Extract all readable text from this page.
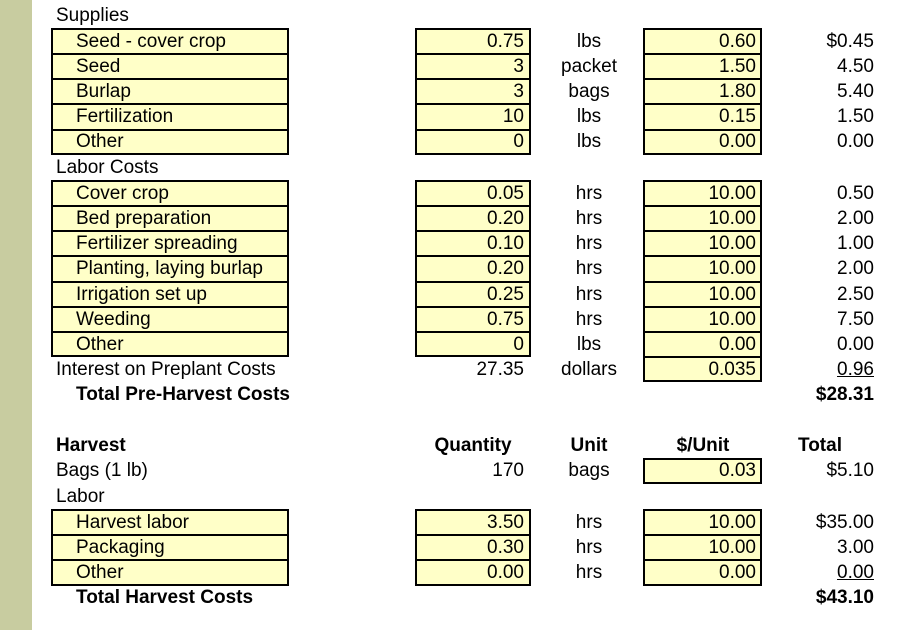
Supplies
Seed - cover crop	0.75	lbs	0.60	$0.45
Seed	3	packet	1.50	4.50
Burlap	3	bags	1.80	5.40
Fertilization	10	lbs	0.15	1.50
Other	0	lbs	0.00	0.00
Labor Costs
Cover crop	0.05	hrs	10.00	0.50
Bed preparation	0.20	hrs	10.00	2.00
Fertilizer spreading	0.10	hrs	10.00	1.00
Planting, laying burlap	0.20	hrs	10.00	2.00
Irrigation set up	0.25	hrs	10.00	2.50
Weeding	0.75	hrs	10.00	7.50
Other	0	lbs	0.00	0.00
Interest on Preplant Costs	27.35	dollars	0.035	0.96
Total Pre-Harvest Costs	$28.31
Harvest	Quantity	Unit	$/Unit	Total
Bags (1 lb)	170	bags	0.03	$5.10
Labor
Harvest labor	3.50	hrs	10.00	$35.00
Packaging	0.30	hrs	10.00	3.00
Other	0.00	hrs	0.00	0.00
Total Harvest Costs	$43.10
